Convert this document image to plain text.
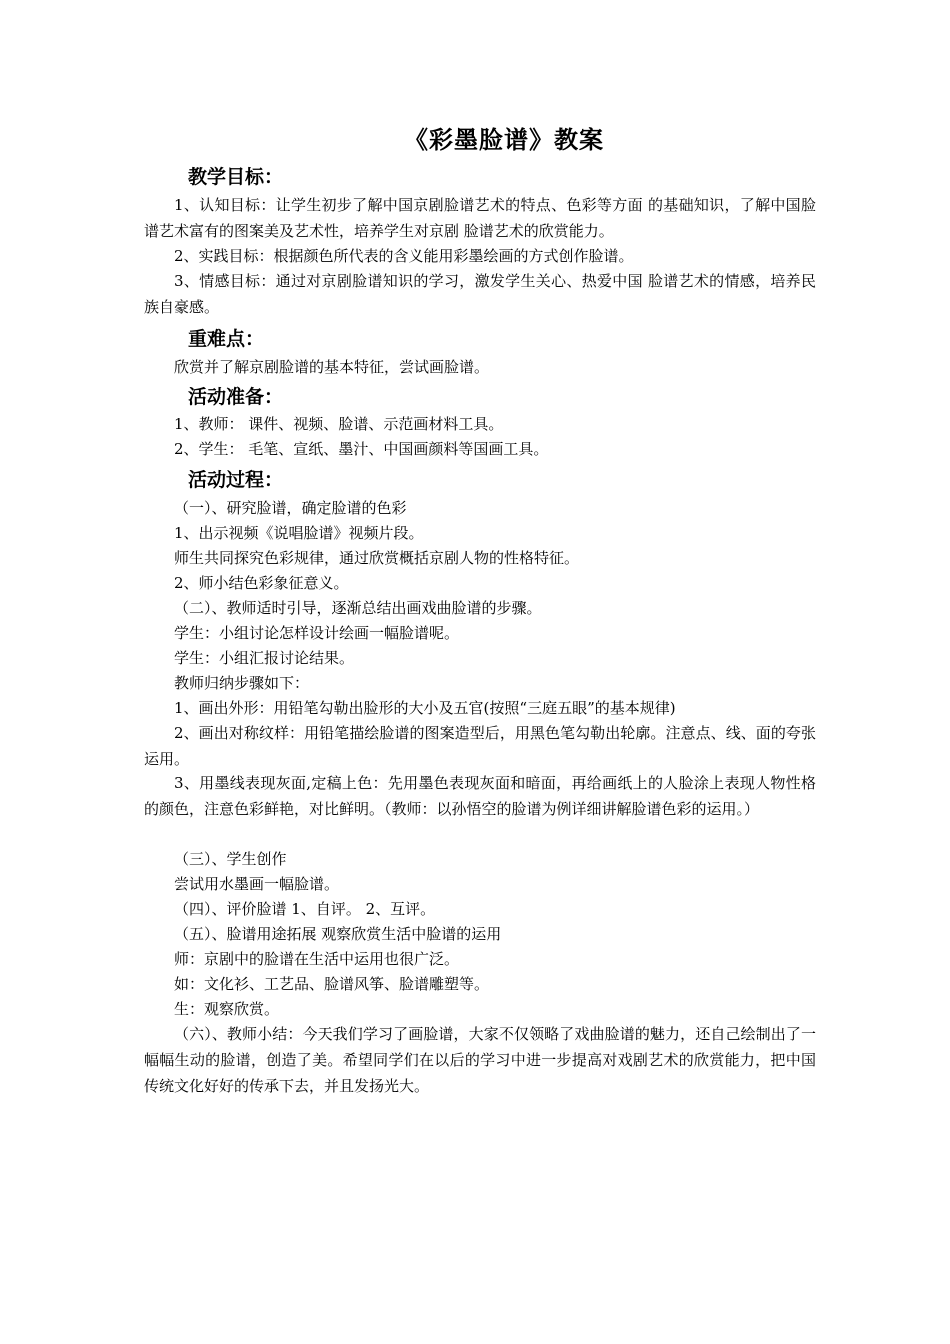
《彩墨脸谱》教案
教学目标：
1、认知目标：让学生初步了解中国京剧脸谱艺术的特点、色彩等方面 的基础知识，了解中国脸谱艺术富有的图案美及艺术性，培养学生对京剧 脸谱艺术的欣赏能力。
2、实践目标：根据颜色所代表的含义能用彩墨绘画的方式创作脸谱。
3、情感目标：通过对京剧脸谱知识的学习，激发学生关心、热爱中国 脸谱艺术的情感，培养民族自豪感。
重难点：
欣赏并了解京剧脸谱的基本特征，尝试画脸谱。
活动准备：
1、教师： 课件、视频、脸谱、示范画材料工具。
2、学生： 毛笔、宣纸、墨汁、中国画颜料等国画工具。
活动过程：
（一）、研究脸谱，确定脸谱的色彩
1、出示视频《说唱脸谱》视频片段。
师生共同探究色彩规律，通过欣赏概括京剧人物的性格特征。
2、师小结色彩象征意义。
（二）、教师适时引导，逐渐总结出画戏曲脸谱的步骤。
学生：小组讨论怎样设计绘画一幅脸谱呢。
学生：小组汇报讨论结果。
教师归纳步骤如下：
1、画出外形：用铅笔勾勒出脸形的大小及五官(按照“三庭五眼”的基本规律)
2、画出对称纹样：用铅笔描绘脸谱的图案造型后，用黑色笔勾勒出轮廓。注意点、线、面的夸张运用。
3、用墨线表现灰面,定稿上色：先用墨色表现灰面和暗面，再给画纸上的人脸涂上表现人物性格的颜色，注意色彩鲜艳，对比鲜明。（教师：以孙悟空的脸谱为例详细讲解脸谱色彩的运用。）
（三）、学生创作
尝试用水墨画一幅脸谱。
（四）、评价脸谱 1、自评。 2、互评。
（五）、脸谱用途拓展 观察欣赏生活中脸谱的运用
师：京剧中的脸谱在生活中运用也很广泛。
如：文化衫、工艺品、脸谱风筝、脸谱雕塑等。
生：观察欣赏。
（六）、教师小结：今天我们学习了画脸谱，大家不仅领略了戏曲脸谱的魅力，还自己绘制出了一幅幅生动的脸谱，创造了美。希望同学们在以后的学习中进一步提高对戏剧艺术的欣赏能力，把中国传统文化好好的传承下去，并且发扬光大。
